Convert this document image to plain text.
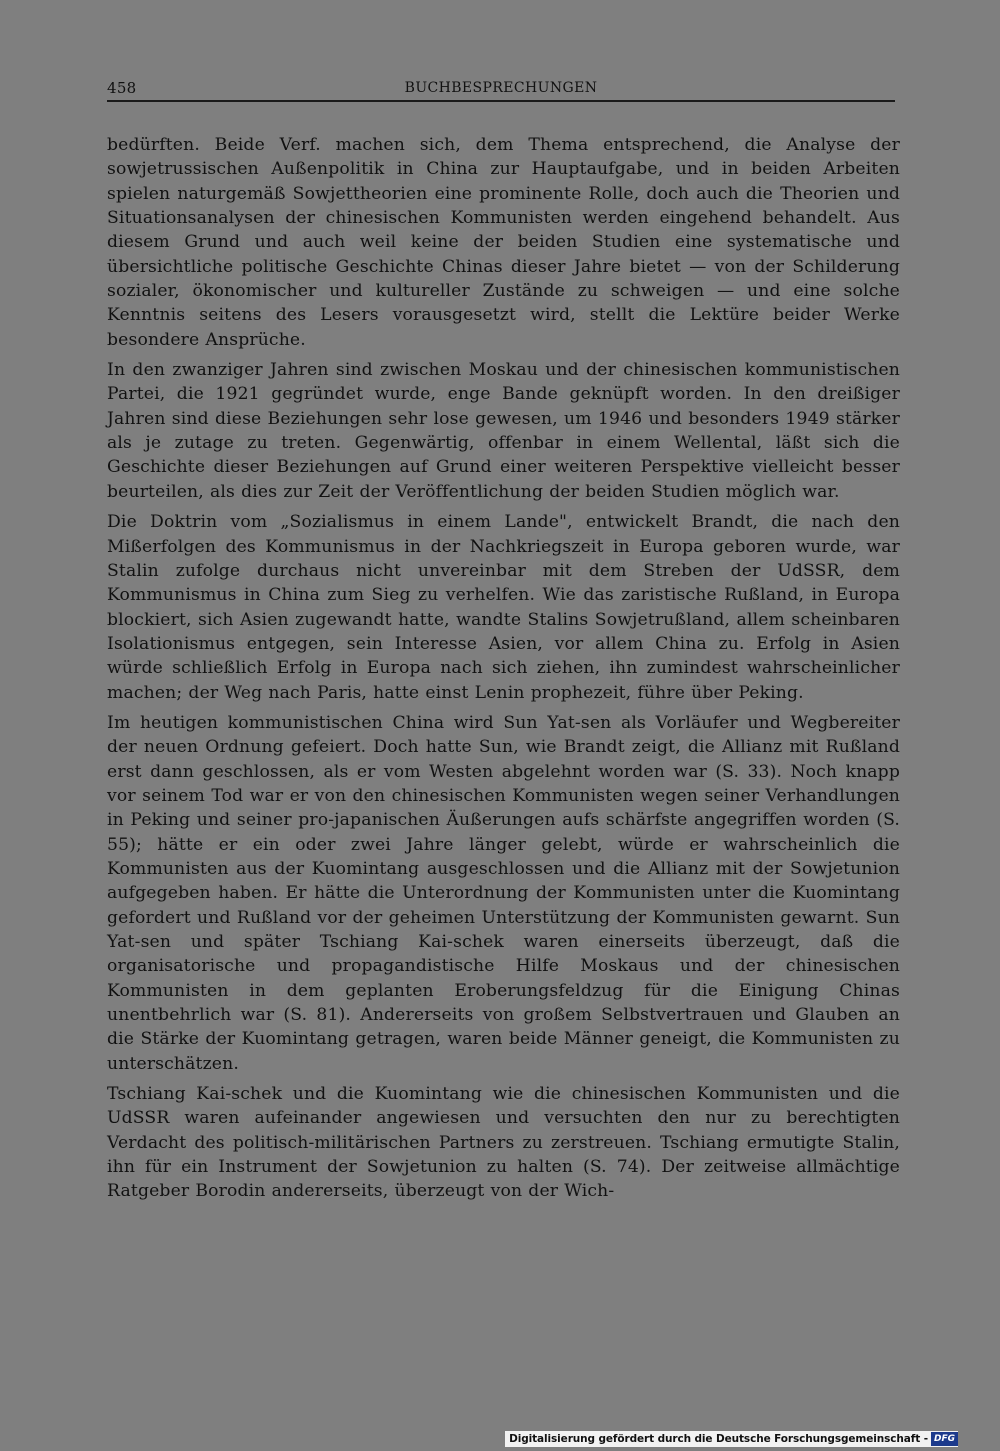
458	BUCHBESPRECHUNGEN

bedürften. Beide Verf. machen sich, dem Thema entsprechend, die Analyse der sowjetrussischen Außenpolitik in China zur Hauptaufgabe, und in beiden Arbeiten spielen naturgemäß Sowjettheorien eine prominente Rolle, doch auch die Theorien und Situationsanalysen der chinesischen Kommunisten werden eingehend behandelt. Aus diesem Grund und auch weil keine der beiden Studien eine systematische und übersichtliche politische Geschichte Chinas dieser Jahre bietet — von der Schilderung sozialer, ökonomischer und kultureller Zustände zu schweigen — und eine solche Kenntnis seitens des Lesers vorausgesetzt wird, stellt die Lektüre beider Werke besondere Ansprüche.

In den zwanziger Jahren sind zwischen Moskau und der chinesischen kommunistischen Partei, die 1921 gegründet wurde, enge Bande geknüpft worden. In den dreißiger Jahren sind diese Beziehungen sehr lose gewesen, um 1946 und besonders 1949 stärker als je zutage zu treten. Gegenwärtig, offenbar in einem Wellental, läßt sich die Geschichte dieser Beziehungen auf Grund einer weiteren Perspektive vielleicht besser beurteilen, als dies zur Zeit der Veröffentlichung der beiden Studien möglich war.

Die Doktrin vom „Sozialismus in einem Lande", entwickelt Brandt, die nach den Mißerfolgen des Kommunismus in der Nachkriegszeit in Europa geboren wurde, war Stalin zufolge durchaus nicht unvereinbar mit dem Streben der UdSSR, dem Kommunismus in China zum Sieg zu verhelfen. Wie das zaristische Rußland, in Europa blockiert, sich Asien zugewandt hatte, wandte Stalins Sowjetrußland, allem scheinbaren Isolationismus entgegen, sein Interesse Asien, vor allem China zu. Erfolg in Asien würde schließlich Erfolg in Europa nach sich ziehen, ihn zumindest wahrscheinlicher machen; der Weg nach Paris, hatte einst Lenin prophezeit, führe über Peking.

Im heutigen kommunistischen China wird Sun Yat-sen als Vorläufer und Wegbereiter der neuen Ordnung gefeiert. Doch hatte Sun, wie Brandt zeigt, die Allianz mit Rußland erst dann geschlossen, als er vom Westen abgelehnt worden war (S. 33). Noch knapp vor seinem Tod war er von den chinesischen Kommunisten wegen seiner Verhandlungen in Peking und seiner pro-japanischen Äußerungen aufs schärfste angegriffen worden (S. 55); hätte er ein oder zwei Jahre länger gelebt, würde er wahrscheinlich die Kommunisten aus der Kuomintang ausgeschlossen und die Allianz mit der Sowjetunion aufgegeben haben. Er hätte die Unterordnung der Kommunisten unter die Kuomintang gefordert und Rußland vor der geheimen Unterstützung der Kommunisten gewarnt. Sun Yat-sen und später Tschiang Kai-schek waren einerseits überzeugt, daß die organisatorische und propagandistische Hilfe Moskaus und der chinesischen Kommunisten in dem geplanten Eroberungsfeldzug für die Einigung Chinas unentbehrlich war (S. 81). Andererseits von großem Selbstvertrauen und Glauben an die Stärke der Kuomintang getragen, waren beide Männer geneigt, die Kommunisten zu unterschätzen.

Tschiang Kai-schek und die Kuomintang wie die chinesischen Kommunisten und die UdSSR waren aufeinander angewiesen und versuchten den nur zu berechtigten Verdacht des politisch-militärischen Partners zu zerstreuen. Tschiang ermutigte Stalin, ihn für ein Instrument der Sowjetunion zu halten (S. 74). Der zeitweise allmächtige Ratgeber Borodin andererseits, überzeugt von der Wich-

Digitalisierung gefördert durch die Deutsche Forschungsgemeinschaft - DFG
